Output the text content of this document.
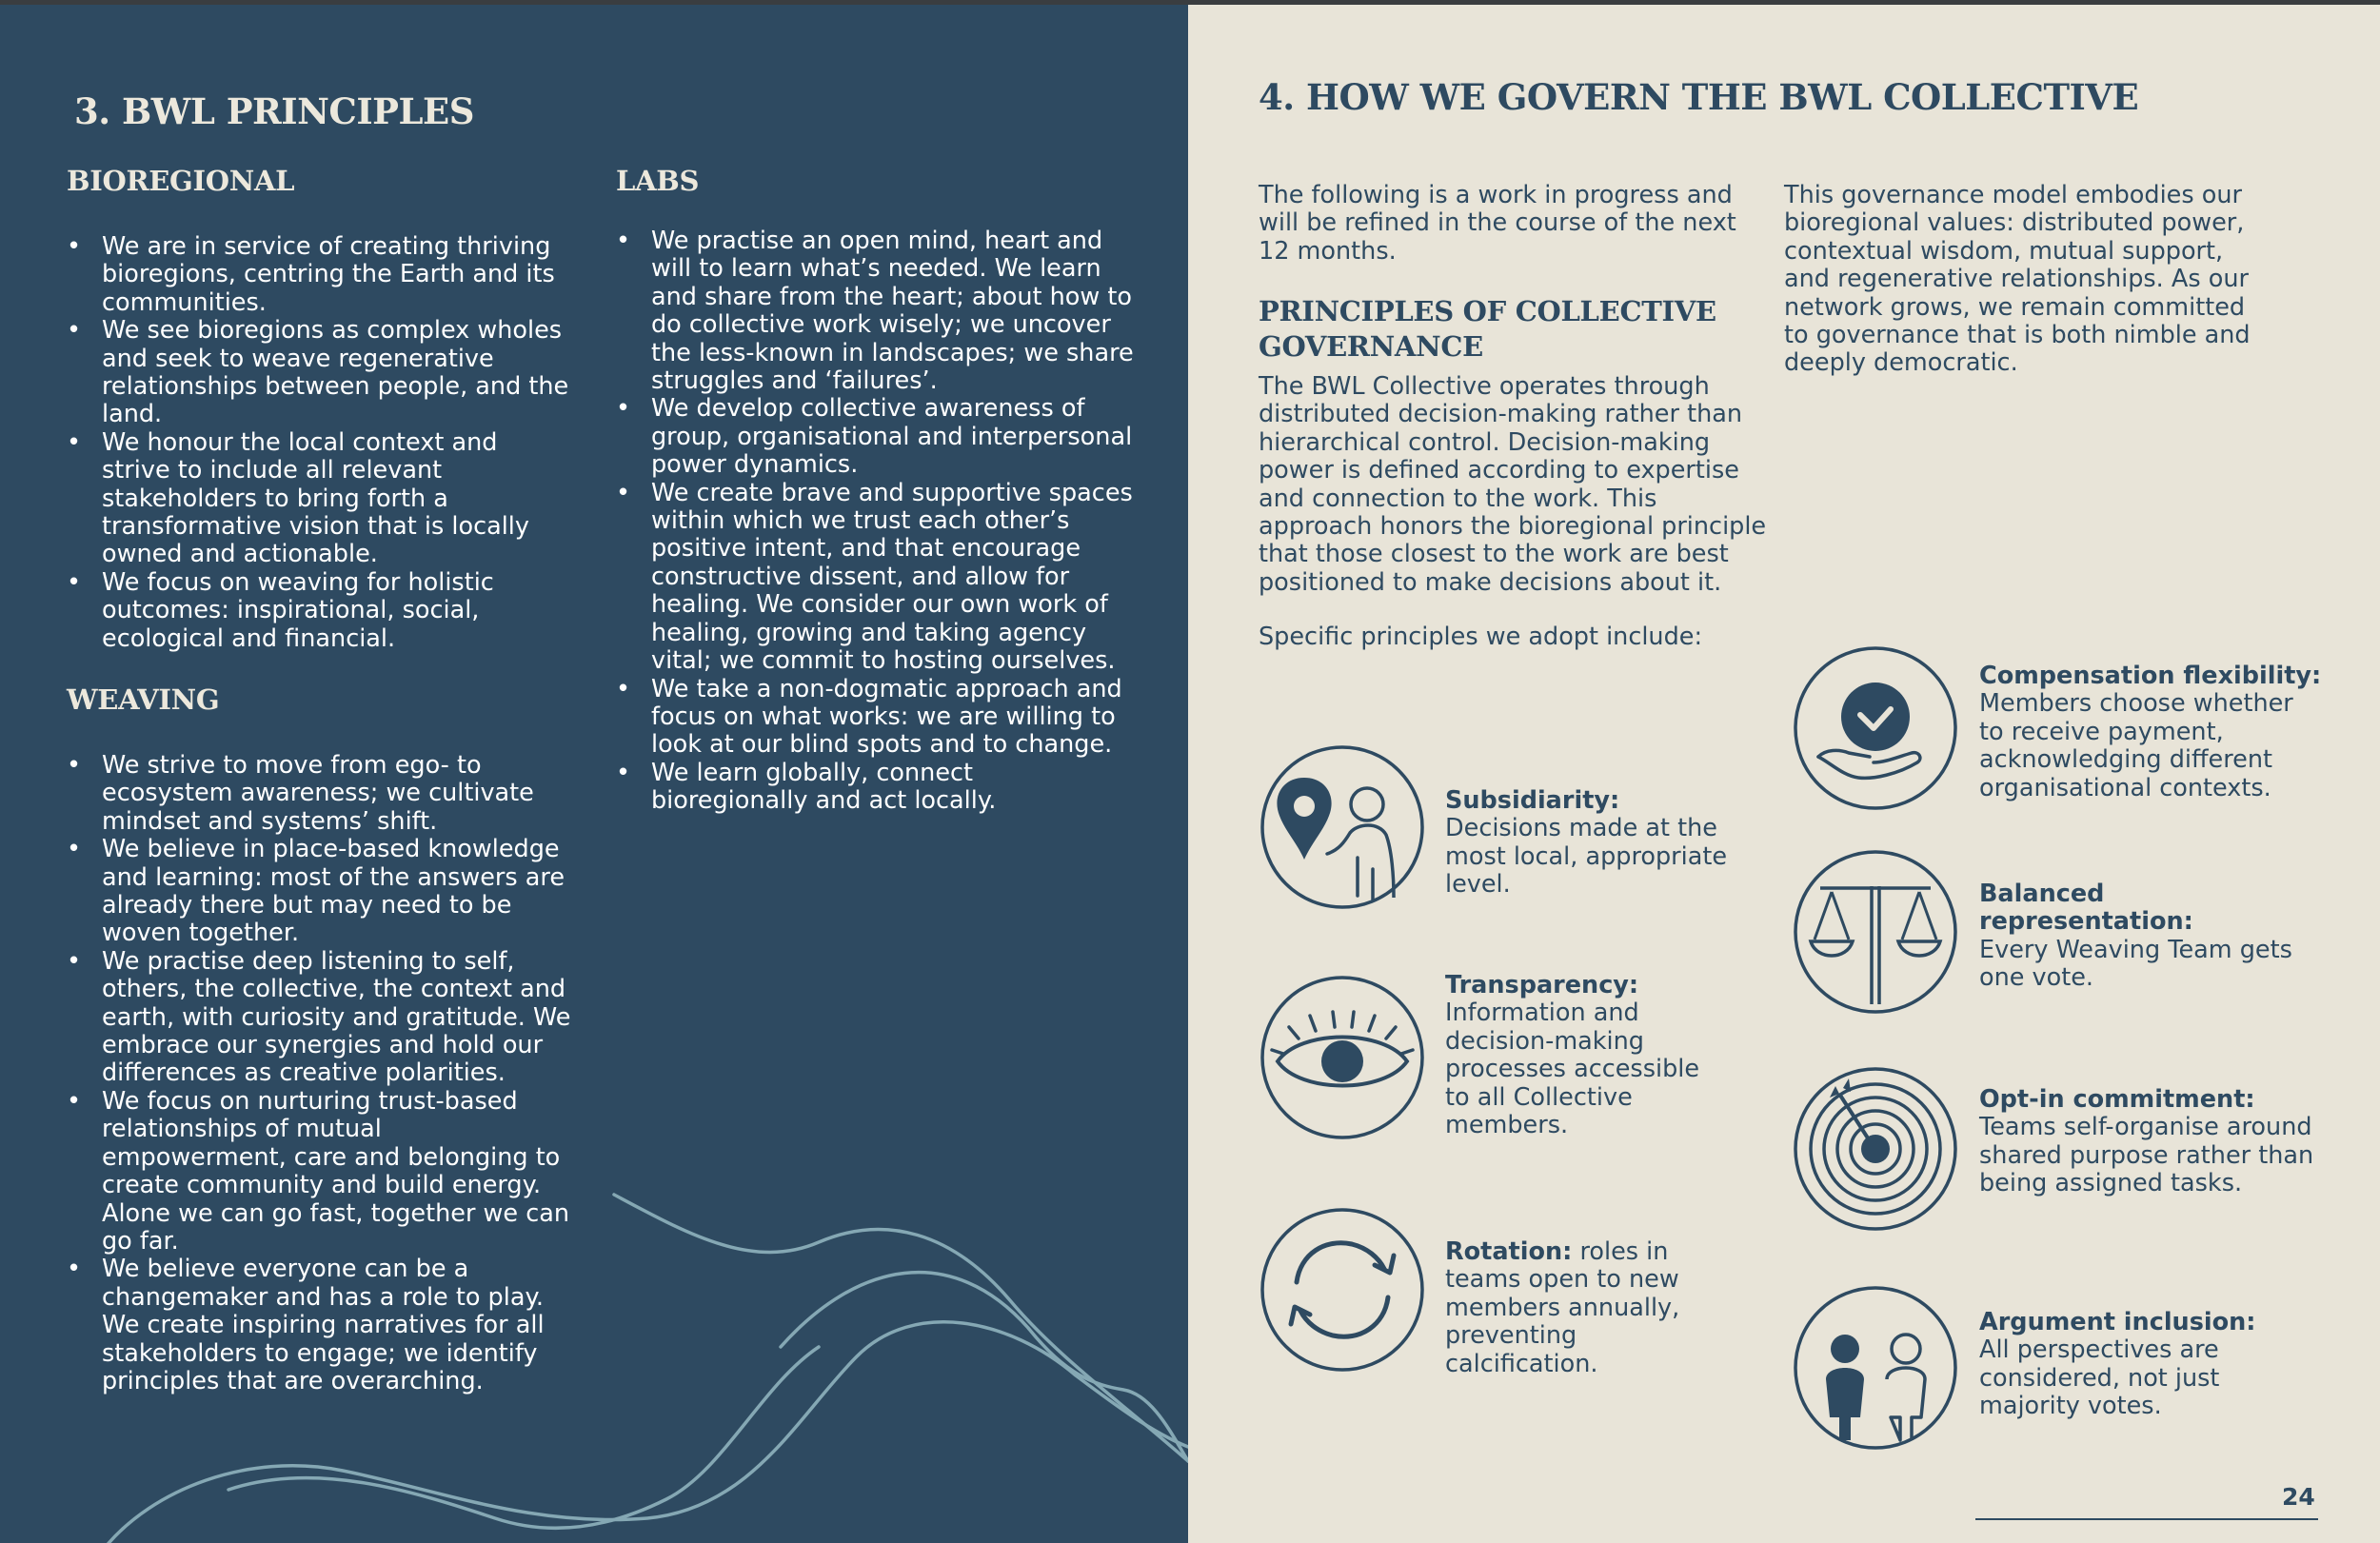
3. BWL PRINCIPLES
BIOREGIONAL
• We are in service of creating thriving bioregions, centring the Earth and its communities.
• We see bioregions as complex wholes and seek to weave regenerative relationships between people, and the land.
• We honour the local context and strive to include all relevant stakeholders to bring forth a transformative vision that is locally owned and actionable.
• We focus on weaving for holistic outcomes: inspirational, social, ecological and financial.
WEAVING
• We strive to move from ego- to ecosystem awareness; we cultivate mindset and systems’ shift.
• We believe in place-based knowledge and learning: most of the answers are already there but may need to be woven together.
• We practise deep listening to self, others, the collective, the context and earth, with curiosity and gratitude. We embrace our synergies and hold our differences as creative polarities.
• We focus on nurturing trust-based relationships of mutual empowerment, care and belonging to create community and build energy. Alone we can go fast, together we can go far.
• We believe everyone can be a changemaker and has a role to play. We create inspiring narratives for all stakeholders to engage; we identify principles that are overarching.
LABS
• We practise an open mind, heart and will to learn what’s needed. We learn and share from the heart; about how to do collective work wisely; we uncover the less-known in landscapes; we share struggles and ‘failures’.
• We develop collective awareness of group, organisational and interpersonal power dynamics.
• We create brave and supportive spaces within which we trust each other’s positive intent, and that encourage constructive dissent, and allow for healing. We consider our own work of healing, growing and taking agency vital; we commit to hosting ourselves.
• We take a non-dogmatic approach and focus on what works: we are willing to look at our blind spots and to change.
• We learn globally, connect bioregionally and act locally.
4. HOW WE GOVERN THE BWL COLLECTIVE
The following is a work in progress and will be refined in the course of the next 12 months.
This governance model embodies our bioregional values: distributed power, contextual wisdom, mutual support, and regenerative relationships. As our network grows, we remain committed to governance that is both nimble and deeply democratic.
PRINCIPLES OF COLLECTIVE GOVERNANCE
The BWL Collective operates through distributed decision-making rather than hierarchical control. Decision-making power is defined according to expertise and connection to the work. This approach honors the bioregional principle that those closest to the work are best positioned to make decisions about it.
Specific principles we adopt include:
Subsidiarity: Decisions made at the most local, appropriate level.
Transparency:
Information and decision-making processes accessible to all Collective members.
Rotation: roles in teams open to new members annually, preventing calcification.
Compensation flexibility:
Members choose whether to receive payment, acknowledging different organisational contexts.
Balanced representation:
Every Weaving Team gets one vote.
Opt-in commitment:
Teams self-organise around shared purpose rather than being assigned tasks.
Argument inclusion:
All perspectives are considered, not just majority votes.
24
